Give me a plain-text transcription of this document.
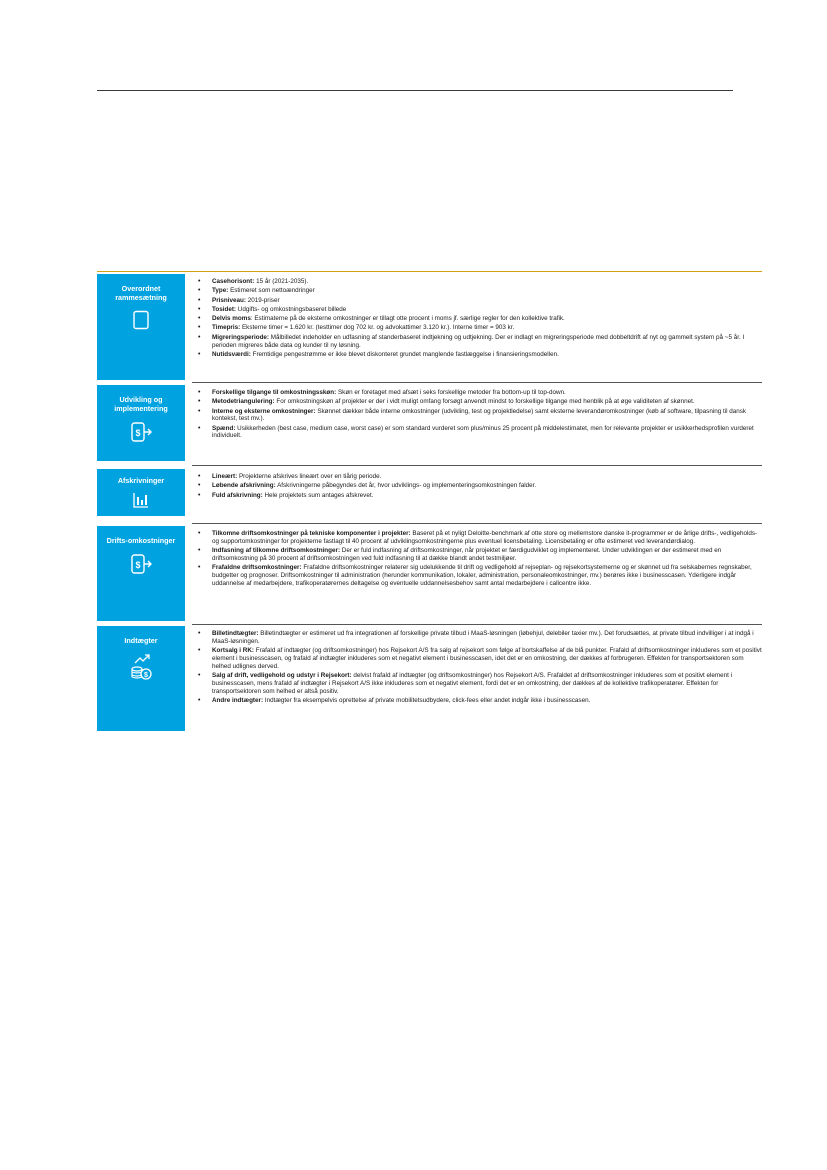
Overordnet rammesætning
• Casehorisont: 15 år (2021-2035).
• Type: Estimeret som nettoændringer
• Prisniveau: 2019-priser
• Tosidet: Udgifts- og omkostningsbaseret billede
• Delvis moms: Estimaterne på de eksterne omkostninger er tillagt otte procent i moms jf. særlige regler for den kollektive trafik.
• Timepris: Eksterne timer = 1.620 kr. (testtimer dog 702 kr. og advokattimer 3.120 kr.). Interne timer = 903 kr.
• Migreringsperiode: Målbilledet indeholder en udfasning af standerbaseret indtjekning og udtjekning. Der er indlagt en migreringsperiode med dobbeltdrift af nyt og gammelt system på ~5 år. I perioden migreres både data og kunder til ny løsning.
• Nutidsværdi: Fremtidige pengestrømme er ikke blevet diskonteret grundet manglende fastlæggelse i finansieringsmodellen.
Udvikling og implementering
$
• Forskellige tilgange til omkostningsskøn: Skøn er foretaget med afsæt i seks forskellige metoder fra bottom-up til top-down.
• Metodetriangulering: For omkostningskøn af projekter er der i vidt muligt omfang forsøgt anvendt mindst to forskellige tilgange med henblik på at øge validiteten af skønnet.
• Interne og eksterne omkostninger: Skønnet dækker både interne omkostninger (udvikling, test og projektledelse) samt eksterne leverandøromkostninger (køb af software, tilpasning til dansk kontekst, test mv.).
• Spænd: Usikkerheden (best case, medium case, worst case) er som standard vurderet som plus/minus 25 procent på middelestimatet, men for relevante projekter er usikkerhedsprofilen vurderet individuelt.
Afskrivninger
•	Lineært: Projekterne afskrives lineært over en tiårig periode.
• Løbende afskrivning: Afskrivningerne påbegyndes det år, hvor udviklings- og implementeringsomkostningen falder.
• Fuld afskrivning: Hele projektets sum antages afskrevet.
Drifts-omkostninger
$
• Tilkomne driftsomkostninger på tekniske komponenter i projekter: Baseret på et nyligt Deloitte-benchmark af otte store og mellemstore danske it-programmer er de årlige drifts-, vedligeholds- og supportomkostninger for projekterne fastlagt til 40 procent af udviklingsomkostningerne plus eventuel licensbetaling. Licensbetaling er ofte estimeret ved leverandørdialog.
• Indfasning af tilkomne driftsomkostninger: Der er fuld indfasning af driftsomkostninger, når projektet er færdigudviklet og implementeret. Under udviklingen er der estimeret med en driftsomkostning på 30 procent af driftsomkostningen ved fuld indfasning til at dække blandt andet testmiljøer.
• Frafaldne driftsomkostninger: Frafaldne driftsomkostninger relaterer sig udelukkende til drift og vedligehold af rejseplan- og rejsekortsystemerne og er skønnet ud fra selskabernes regnskaber, budgetter og prognoser. Driftsomkostninger til administration (herunder kommunikation, lokaler, administration, personaleomkostninger, mv.) berøres ikke i businesscasen. Yderligere indgår uddannelse af medarbejdere, trafikoperatørernes deltagelse og eventuelle uddannelsesbehov samt antal medarbejdere i callcentre ikke.
Indtægter
$
• Billetindtægter: Billetindtægter er estimeret ud fra integrationen af forskellige private tilbud i MaaS-løsningen (løbehjul, delebiler taxier mv.). Det forudsættes, at private tilbud indvilliger i at indgå i MaaS-løsningen.
• Kortsalg i RK: Frafald af indtægter (og driftsomkostninger) hos Rejsekort A/S fra salg af rejsekort som følge af bortskaffelse af de blå punkter. Frafald af driftsomkostninger inkluderes som et positivt element i businesscasen, og frafald af indtægter inkluderes som et negativt element i businesscasen, idet det er en omkostning, der dækkes af forbrugeren. Effekten for transportsektoren som helhed udlignes derved.
• Salg af drift, vedligehold og udstyr i Rejsekort: delvist frafald af indtægter (og driftsomkostninger) hos Rejsekort A/S. Frafaldet af driftsomkostninger inkluderes som et positivt element i businesscasen, mens frafald af indtægter i Rejsekort A/S ikke inkluderes som et negativt element, fordi det er en omkostning, der dækkes af de kollektive trafikoperatører. Effekten for transportsektoren som helhed er altså positiv.
• Andre indtægter: Indtægter fra eksempelvis oprettelse af private mobilitetsudbydere, click-fees eller andet indgår ikke i businesscasen.
